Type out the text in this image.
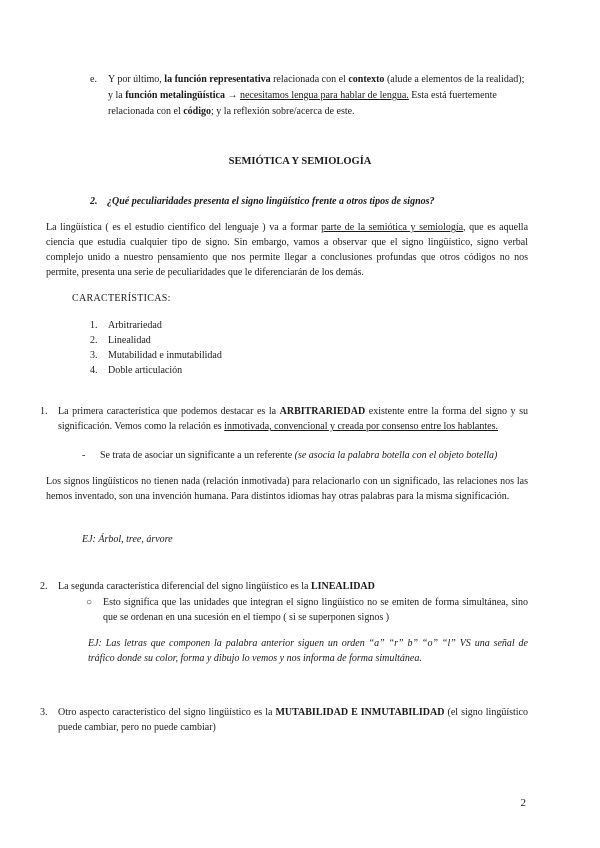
e. Y por último, la función representativa relacionada con el contexto (alude a elementos de la realidad); y la función metalingüística → necesitamos lengua para hablar de lengua. Esta está fuertemente relacionada con el código; y la reflexión sobre/acerca de este.
SEMIÓTICA Y SEMIOLOGÍA
2. ¿Qué peculiaridades presenta el signo lingüístico frente a otros tipos de signos?
La lingüística ( es el estudio científico del lenguaje ) va a formar parte de la semiótica y semiología, que es aquella ciencia que estudia cualquier tipo de signo. Sin embargo, vamos a observar que el signo lingüístico, signo verbal complejo unido a nuestro pensamiento que nos permite llegar a conclusiones profundas que otros códigos no nos permite, presenta una serie de peculiaridades que le diferenciarán de los demás.
CARACTERÍSTICAS:
1. Arbitrariedad
2. Linealidad
3. Mutabilidad e inmutabilidad
4. Doble articulación
1. La primera característica que podemos destacar es la ARBITRARIEDAD existente entre la forma del signo y su significación. Vemos como la relación es inmotivada, convencional y creada por consenso entre los hablantes.
- Se trata de asociar un significante a un referente (se asocia la palabra botella con el objeto botella)
Los signos lingüísticos no tienen nada (relación inmotivada) para relacionarlo con un significado, las relaciones nos las hemos inventado, son una invención humana. Para distintos idiomas hay otras palabras para la misma significación.
EJ: Árbol, tree, árvore
2. La segunda característica diferencial del signo lingüístico es la LINEALIDAD
○ Esto significa que las unidades que integran el signo lingüístico no se emiten de forma simultánea, sino que se ordenan en una sucesión en el tiempo ( si se superponen signos )
EJ: Las letras que componen la palabra anterior siguen un orden “a” “r” b” “o” “l” VS una señal de tráfico donde su color, forma y dibujo lo vemos y nos informa de forma simultánea.
3. Otro aspecto característico del signo lingüístico es la MUTABILIDAD E INMUTABILIDAD (el signo lingüístico puede cambiar, pero no puede cambiar)
2
